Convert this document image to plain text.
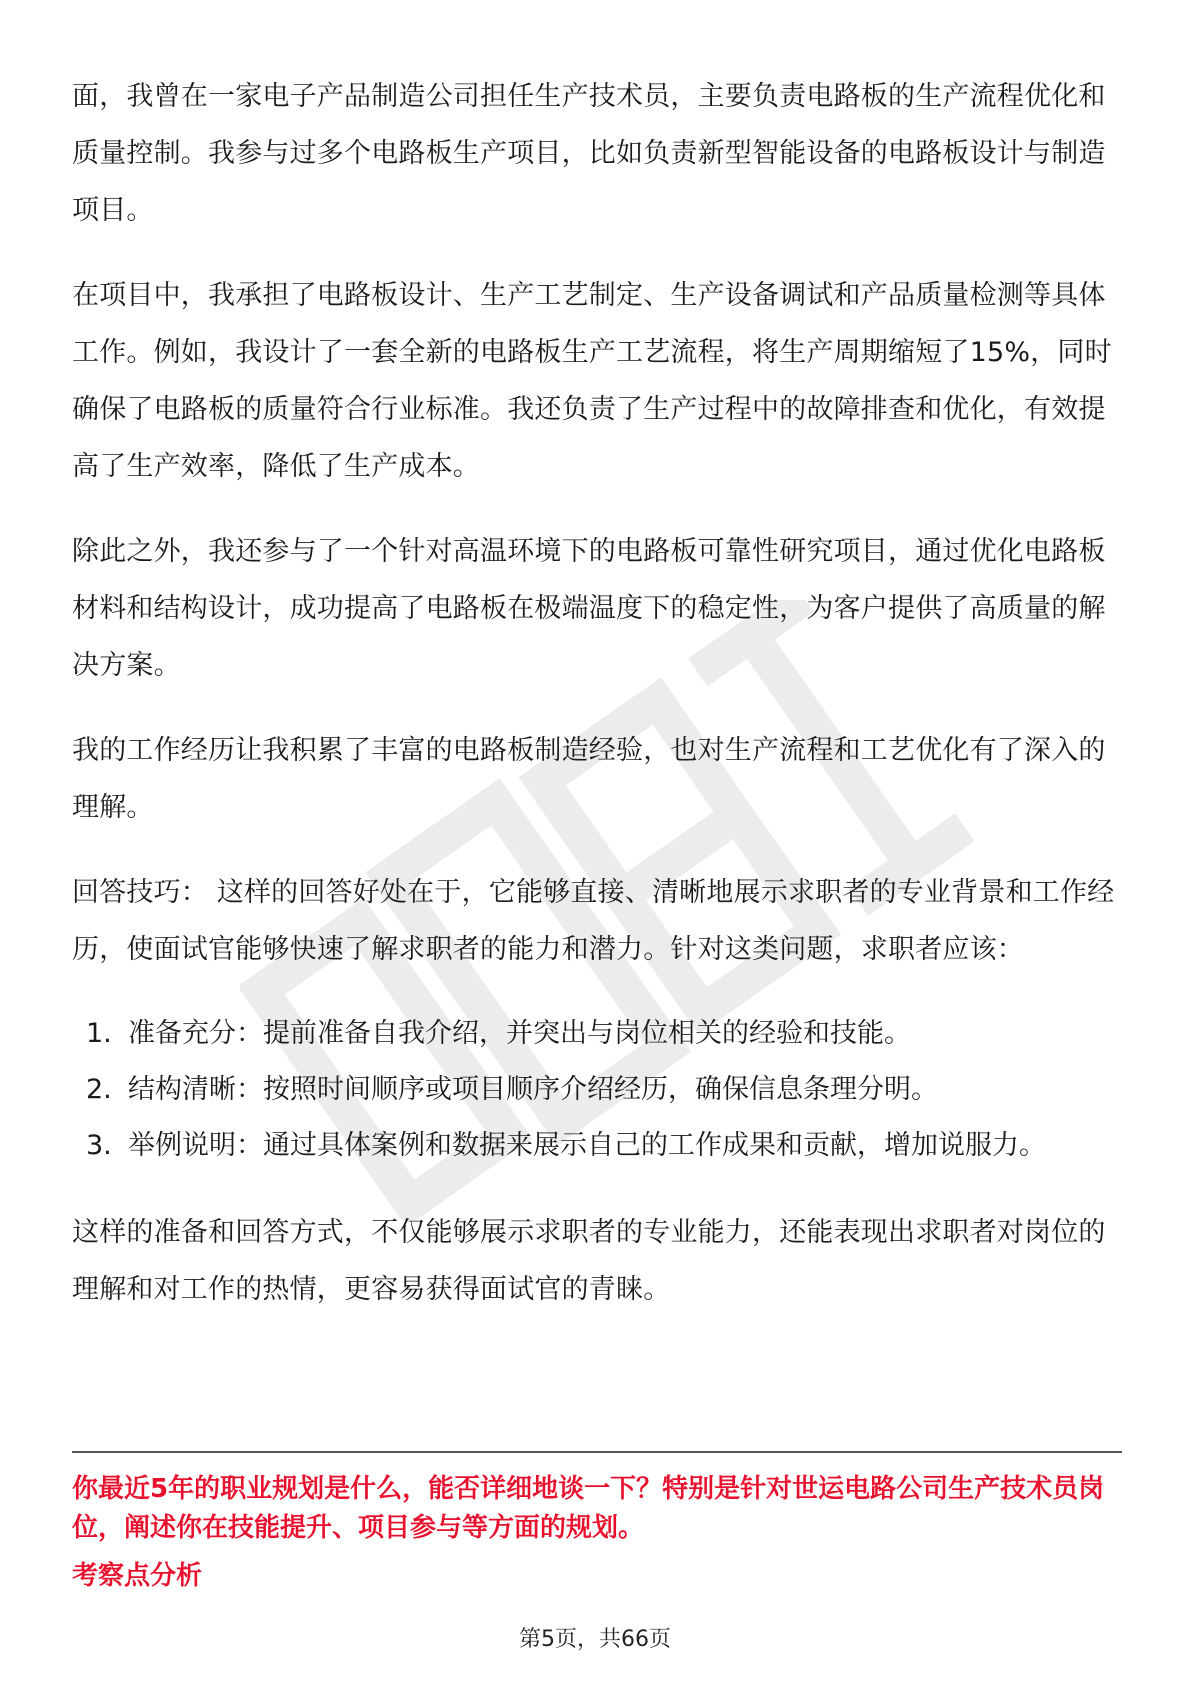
面，我曾在一家电子产品制造公司担任生产技术员，主要负责电路板的生产流程优化和质量控制。我参与过多个电路板生产项目，比如负责新型智能设备的电路板设计与制造项目。

在项目中，我承担了电路板设计、生产工艺制定、生产设备调试和产品质量检测等具体工作。例如，我设计了一套全新的电路板生产工艺流程，将生产周期缩短了15%，同时确保了电路板的质量符合行业标准。我还负责了生产过程中的故障排查和优化，有效提高了生产效率，降低了生产成本。

除此之外，我还参与了一个针对高温环境下的电路板可靠性研究项目，通过优化电路板材料和结构设计，成功提高了电路板在极端温度下的稳定性，为客户提供了高质量的解决方案。

我的工作经历让我积累了丰富的电路板制造经验，也对生产流程和工艺优化有了深入的理解。

回答技巧： 这样的回答好处在于，它能够直接、清晰地展示求职者的专业背景和工作经历，使面试官能够快速了解求职者的能力和潜力。针对这类问题，求职者应该：

1. 准备充分：提前准备自我介绍，并突出与岗位相关的经验和技能。
2. 结构清晰：按照时间顺序或项目顺序介绍经历，确保信息条理分明。
3. 举例说明：通过具体案例和数据来展示自己的工作成果和贡献，增加说服力。

这样的准备和回答方式，不仅能够展示求职者的专业能力，还能表现出求职者对岗位的理解和对工作的热情，更容易获得面试官的青睐。

你最近5年的职业规划是什么，能否详细地谈一下？特别是针对世运电路公司生产技术员岗位，阐述你在技能提升、项目参与等方面的规划。
考察点分析
第5页，共66页
